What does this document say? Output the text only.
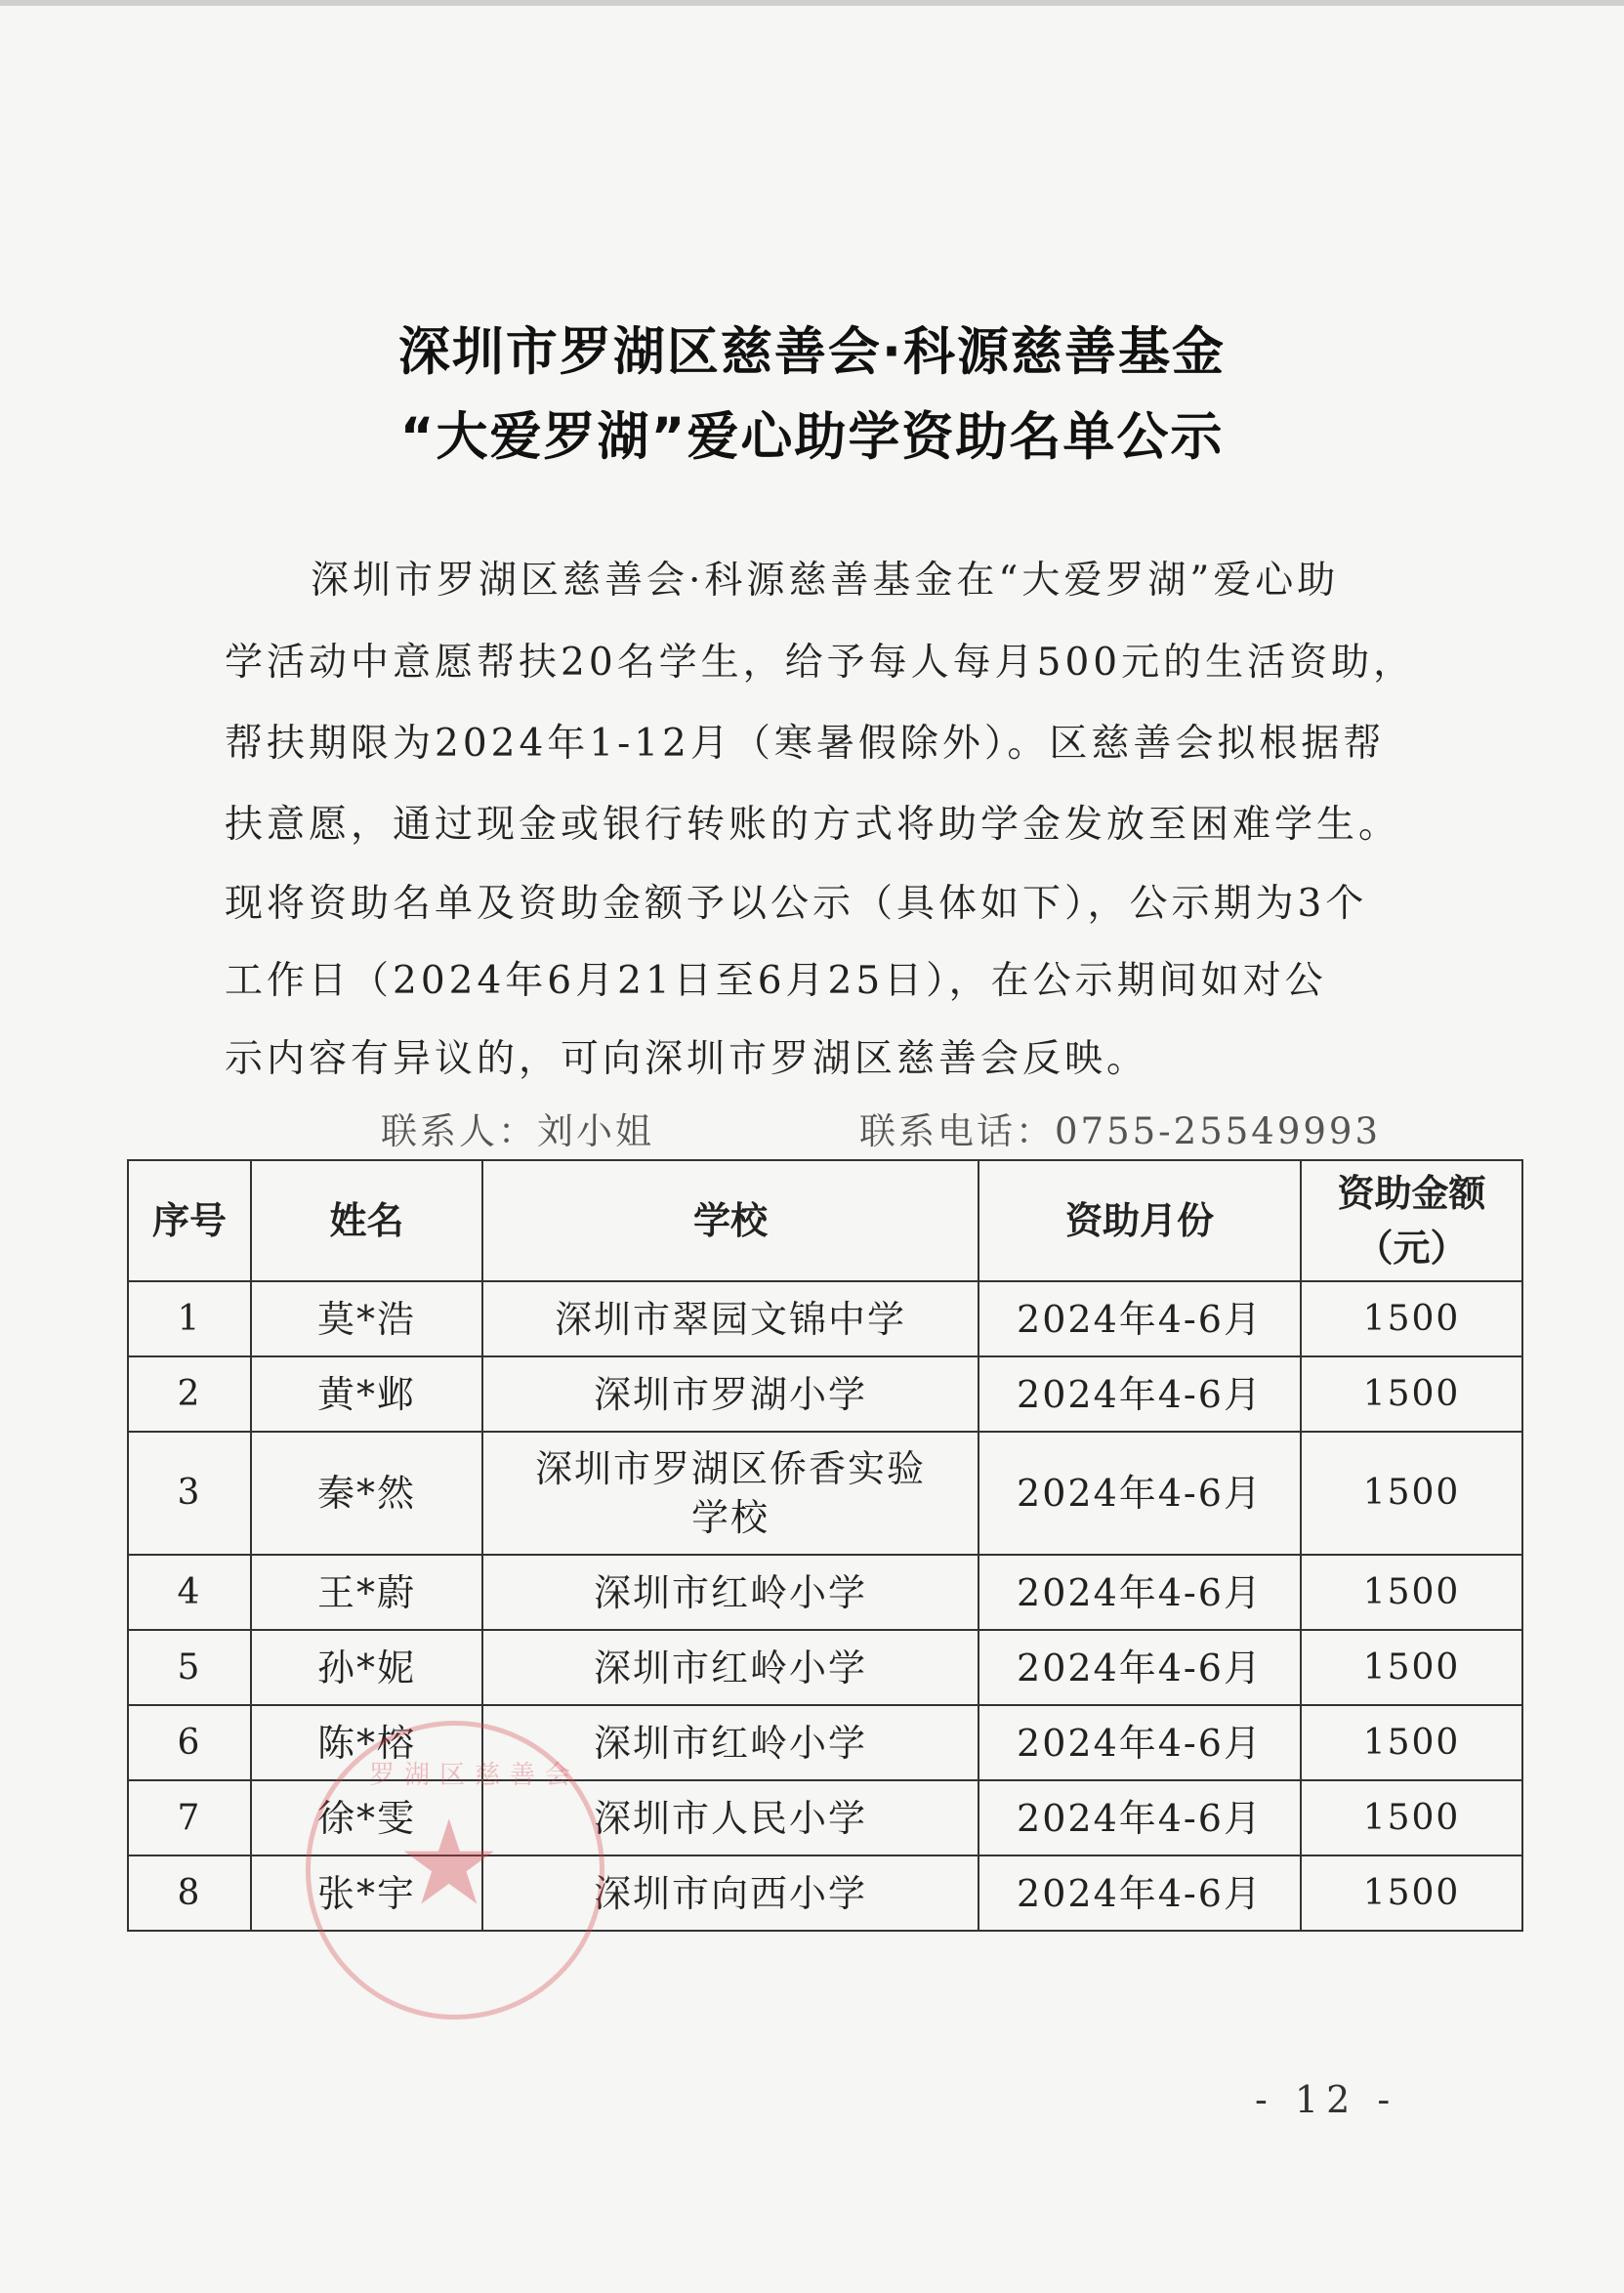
深圳市罗湖区慈善会·科源慈善基金
“大爱罗湖”爱心助学资助名单公示
深圳市罗湖区慈善会·科源慈善基金在“大爱罗湖”爱心助
学活动中意愿帮扶20名学生，给予每人每月500元的生活资助，
帮扶期限为2024年1-12月（寒暑假除外）。区慈善会拟根据帮
扶意愿，通过现金或银行转账的方式将助学金发放至困难学生。
现将资助名单及资助金额予以公示（具体如下），公示期为3个
工作日（2024年6月21日至6月25日），在公示期间如对公
示内容有异议的，可向深圳市罗湖区慈善会反映。
联系人：刘小姐	联系电话：0755-25549993
序号	姓名	学校	资助月份	资助金额
（元）

1	莫*浩	深圳市翠园文锦中学	2024年4-6月	1500
2	黄*邺	深圳市罗湖小学	2024年4-6月	1500
3	秦*然	深圳市罗湖区侨香实验
学校	2024年4-6月	1500
4	王*蔚	深圳市红岭小学	2024年4-6月	1500
5	孙*妮	深圳市红岭小学	2024年4-6月	1500
6	陈*榕	深圳市红岭小学	2024年4-6月	1500
7	徐*雯	深圳市人民小学	2024年4-6月	1500
8	张*宇	深圳市向西小学	2024年4-6月	1500
罗湖区慈善会
★
- 12 -
